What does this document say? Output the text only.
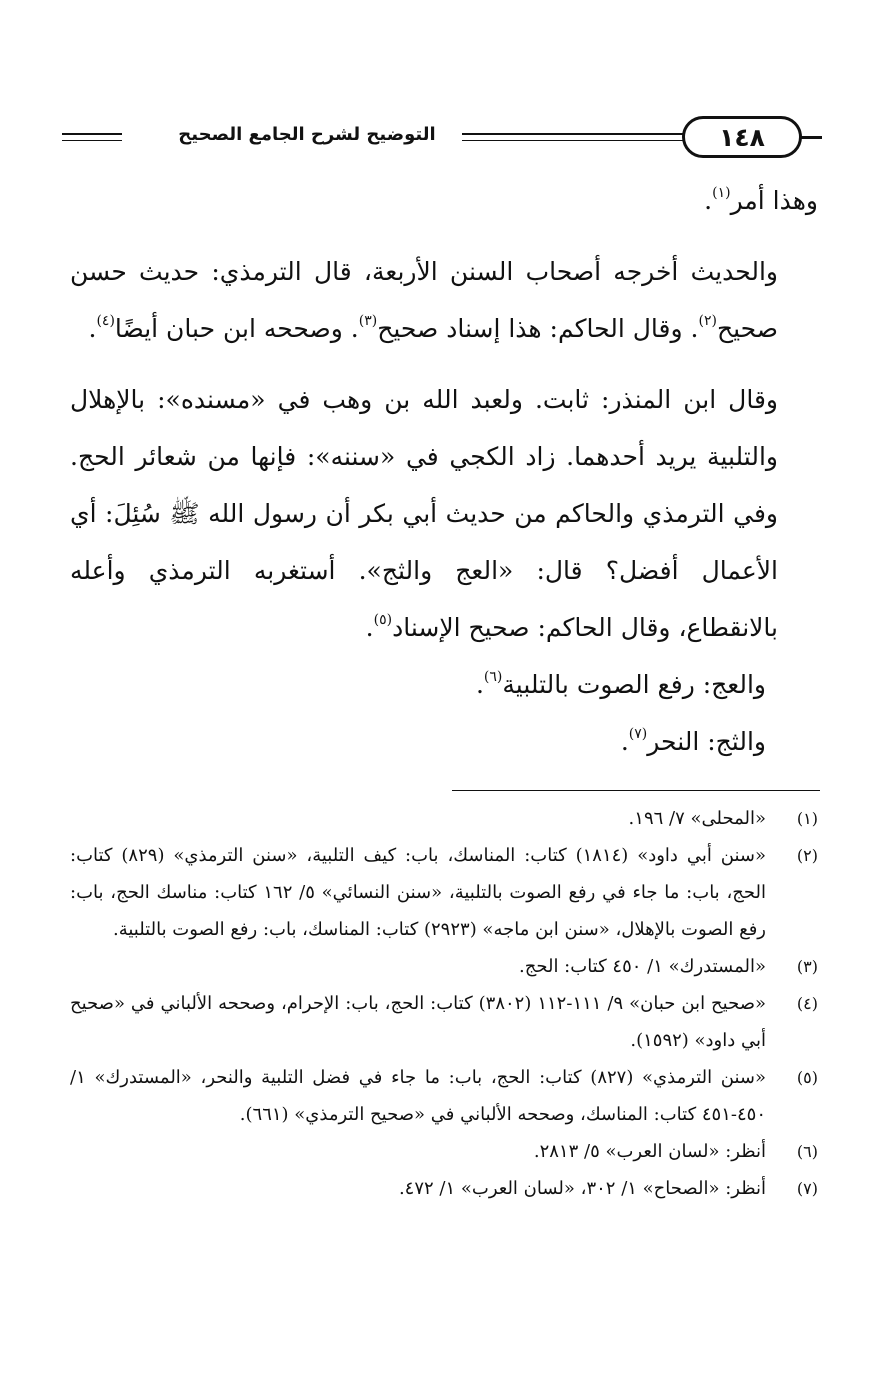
التوضيح لشرح الجامع الصحيح	١٤٨

وهذا أمر$^{(١)}$.

والحديث أخرجه أصحاب السنن الأربعة، قال الترمذي: حديث حسن صحيح$^{(٢)}$. وقال الحاكم: هذا إسناد صحيح$^{(٣)}$. وصححه ابن حبان أيضًا$^{(٤)}$.

وقال ابن المنذر: ثابت. ولعبد الله بن وهب في «مسنده»: بالإهلال والتلبية يريد أحدهما. زاد الكجي في «سننه»: فإنها من شعائر الحج. وفي الترمذي والحاكم من حديث أبي بكر أن رسول الله ﷺ سُئِلَ: أي الأعمال أفضل؟ قال: «العج والثج». أستغربه الترمذي وأعله بالانقطاع، وقال الحاكم: صحيح الإسناد$^{(٥)}$.

والعج: رفع الصوت بالتلبية$^{(٦)}$.

والثج: النحر$^{(٧)}$.

(١)
«المحلى» ٧/ ١٩٦.
(٢)
«سنن أبي داود» (١٨١٤) كتاب: المناسك، باب: كيف التلبية، «سنن الترمذي» (٨٢٩) كتاب: الحج، باب: ما جاء في رفع الصوت بالتلبية، «سنن النسائي» ٥/ ١٦٢ كتاب: مناسك الحج، باب: رفع الصوت بالإهلال، «سنن ابن ماجه» (٢٩٢٣) كتاب: المناسك، باب: رفع الصوت بالتلبية.
(٣)
«المستدرك» ١/ ٤٥٠ كتاب: الحج.
(٤)
«صحيح ابن حبان» ٩/ ١١١-١١٢ (٣٨٠٢) كتاب: الحج، باب: الإحرام، وصححه الألباني في «صحيح أبي داود» (١٥٩٢).
(٥)
«سنن الترمذي» (٨٢٧) كتاب: الحج، باب: ما جاء في فضل التلبية والنحر، «المستدرك» ١/ ٤٥٠-٤٥١ كتاب: المناسك، وصححه الألباني في «صحيح الترمذي» (٦٦١).
(٦)
أنظر: «لسان العرب» ٥/ ٢٨١٣.
(٧)
أنظر: «الصحاح» ١/ ٣٠٢، «لسان العرب» ١/ ٤٧٢.
